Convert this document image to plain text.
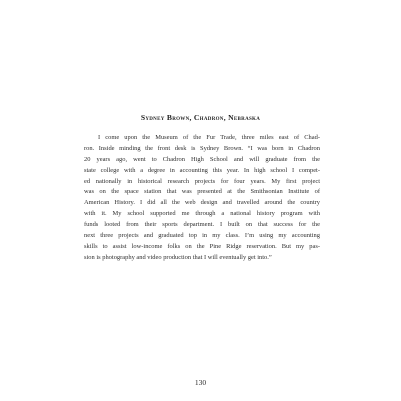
Sydney Brown, Chadron, Nebraska
I come upon the Museum of the Fur Trade, three miles east of Chad-
ron. Inside minding the front desk is Sydney Brown. “I was born in Chadron
20 years ago, went to Chadron High School and will graduate from the
state college with a degree in accounting this year. In high school I compet-
ed nationally in historical research projects for four years. My first project
was on the space station that was presented at the Smithsonian Institute of
American History. I did all the web design and travelled around the country
with it. My school supported me through a national history program with
funds looted from their sports department. I built on that success for the
next three projects and graduated top in my class. I’m using my accounting
skills to assist low-income folks on the Pine Ridge reservation. But my pas-
sion is photography and video production that I will eventually get into.”
130
